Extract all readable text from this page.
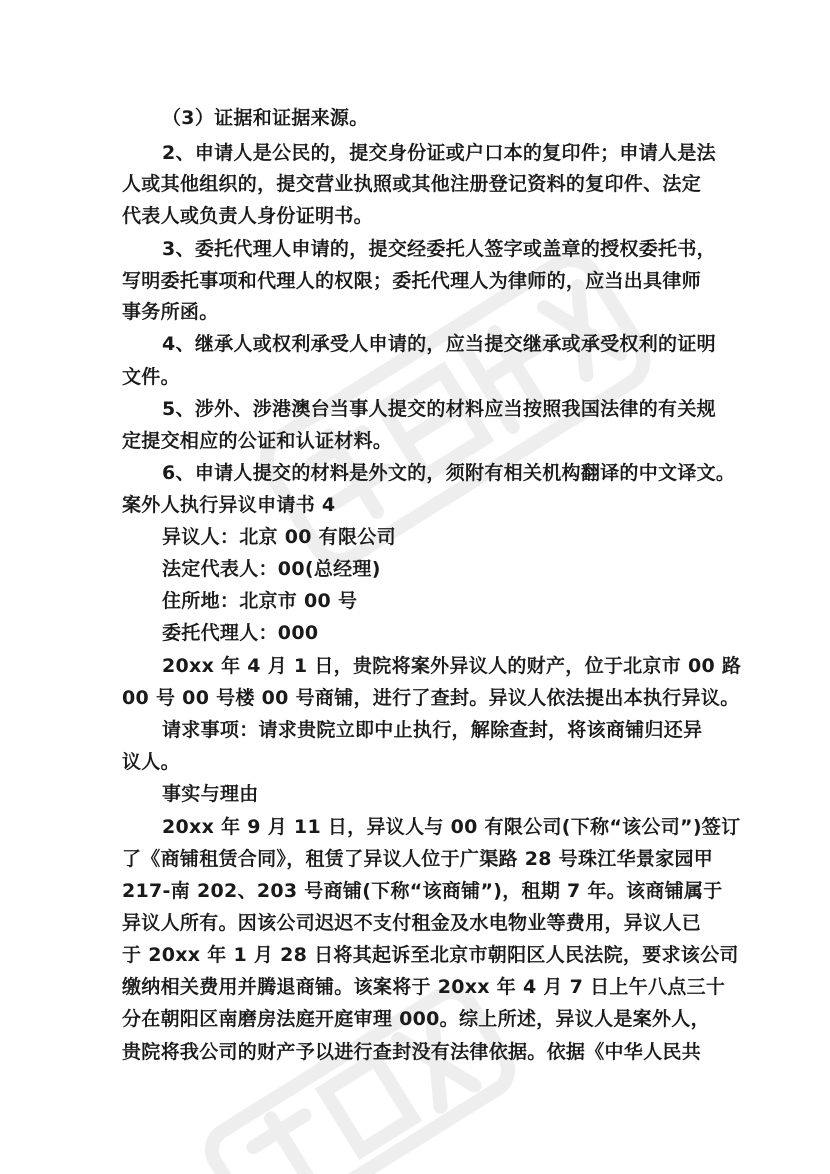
（3）证据和证据来源。
2、申请人是公民的，提交身份证或户口本的复印件；申请人是法
人或其他组织的，提交营业执照或其他注册登记资料的复印件、法定
代表人或负责人身份证明书。
3、委托代理人申请的，提交经委托人签字或盖章的授权委托书，
写明委托事项和代理人的权限；委托代理人为律师的，应当出具律师
事务所函。
4、继承人或权利承受人申请的，应当提交继承或承受权利的证明
文件。
5、涉外、涉港澳台当事人提交的材料应当按照我国法律的有关规
定提交相应的公证和认证材料。
6、申请人提交的材料是外文的，须附有相关机构翻译的中文译文。
案外人执行异议申请书 4
异议人：北京 00 有限公司
法定代表人：00(总经理)
住所地：北京市 00 号
委托代理人：000
20xx 年 4 月 1 日，贵院将案外异议人的财产，位于北京市 00 路
00 号 00 号楼 00 号商铺，进行了查封。异议人依法提出本执行异议。
请求事项：请求贵院立即中止执行，解除查封，将该商铺归还异
议人。
事实与理由
20xx 年 9 月 11 日，异议人与 00 有限公司(下称“该公司”)签订
了《商铺租赁合同》，租赁了异议人位于广渠路 28 号珠江华景家园甲
217-南 202、203 号商铺(下称“该商铺”)，租期 7 年。该商铺属于
异议人所有。因该公司迟迟不支付租金及水电物业等费用，异议人已
于 20xx 年 1 月 28 日将其起诉至北京市朝阳区人民法院，要求该公司
缴纳相关费用并腾退商铺。该案将于 20xx 年 4 月 7 日上午八点三十
分在朝阳区南磨房法庭开庭审理 000。综上所述，异议人是案外人，
贵院将我公司的财产予以进行查封没有法律依据。依据《中华人民共
